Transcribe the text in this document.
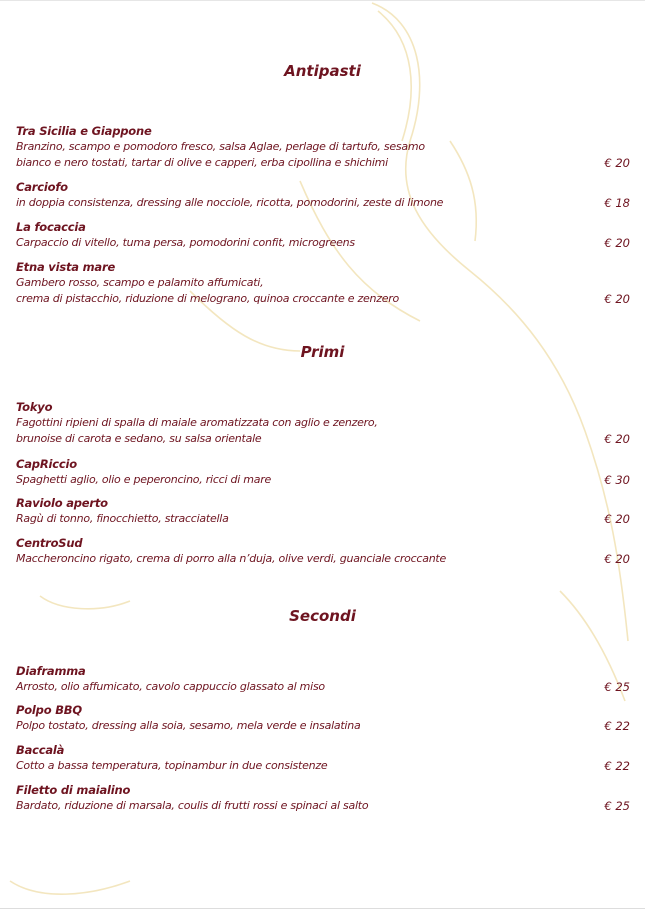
Antipasti
Tra Sicilia e Giappone
Branzino, scampo e pomodoro fresco, salsa Aglae, perlage di tartufo, sesamo
bianco e nero tostati, tartar di olive e capperi, erba cipollina e shichimi	€ 20
Carciofo
in doppia consistenza, dressing alle nocciole, ricotta, pomodorini, zeste di limone	€ 18
La focaccia
Carpaccio di vitello, tuma persa, pomodorini confit, microgreens	€ 20
Etna vista mare
Gambero rosso, scampo e palamito affumicati,
crema di pistacchio, riduzione di melograno, quinoa croccante e zenzero	€ 20
Primi
Tokyo
Fagottini ripieni di spalla di maiale aromatizzata con aglio e zenzero,
brunoise di carota e sedano, su salsa orientale	€ 20
CapRiccio
Spaghetti aglio, olio e peperoncino, ricci di mare	€ 30
Raviolo aperto
Ragù di tonno, finocchietto, stracciatella	€ 20
CentroSud
Maccheroncino rigato, crema di porro alla n’duja, olive verdi, guanciale croccante	€ 20
Secondi
Diaframma
Arrosto, olio affumicato, cavolo cappuccio glassato al miso	€ 25
Polpo BBQ
Polpo tostato, dressing alla soia, sesamo, mela verde e insalatina	€ 22
Baccalà
Cotto a bassa temperatura, topinambur in due consistenze	€ 22
Filetto di maialino
Bardato, riduzione di marsala, coulis di frutti rossi e spinaci al salto	€ 25
